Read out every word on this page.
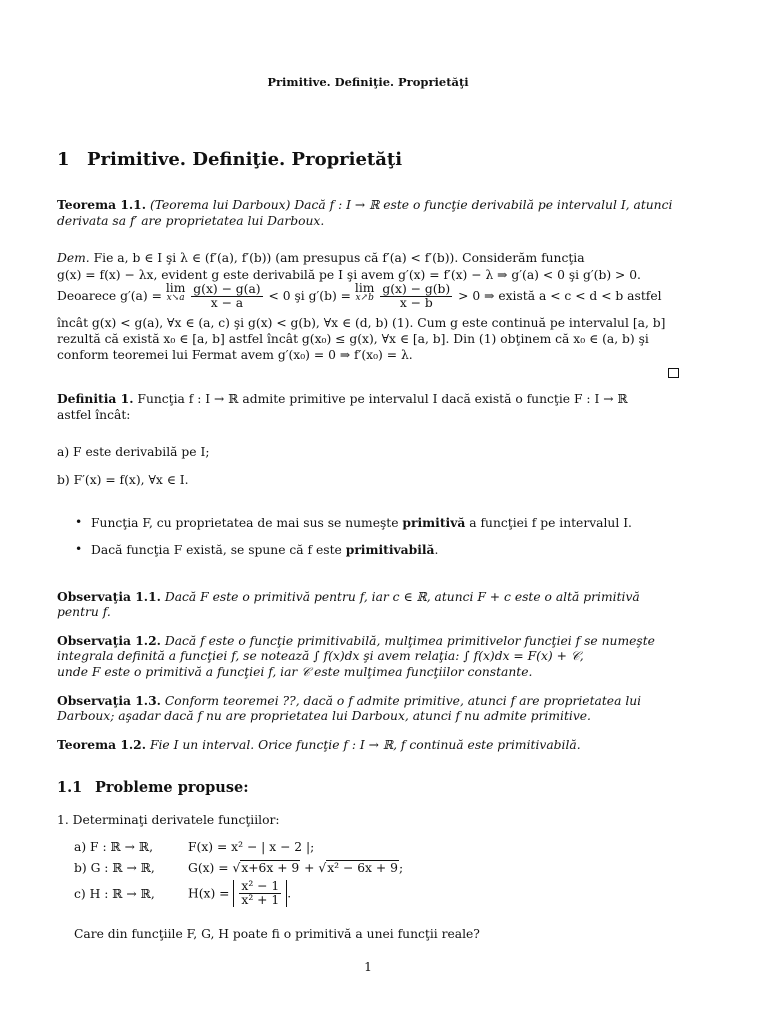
Primitive. Definiţie. Proprietăţi
1 Primitive. Definiţie. Proprietăţi
Teorema 1.1. (Teorema lui Darboux) Dacă f : I → ℝ este o funcţie derivabilă pe intervalul I, atunci
derivata sa f′ are proprietatea lui Darboux.
Dem. Fie a, b ∈ I şi λ ∈ (f′(a), f′(b)) (am presupus că f′(a) < f′(b)). Considerăm funcţia
g(x) = f(x) − λx, evident g este derivabilă pe I şi avem g′(x) = f′(x) − λ ⇒ g′(a) < 0 şi g′(b) > 0.
Deoarece g′(a) = lim
x↘a
$\frac{g(x) - g(a)}{x - a} < 0$ şi g′(b) = lim
x↗b
$\frac{g(x) - g(b)}{x - b} > 0$ ⇒ există a < c < d < b astfel
încât g(x) < g(a), ∀x ∈ (a, c) şi g(x) < g(b), ∀x ∈ (d, b) (1). Cum g este continuă pe intervalul [a, b]
rezultă că există x₀ ∈ [a, b] astfel încât g(x₀) ≤ g(x), ∀x ∈ [a, b]. Din (1) obţinem că x₀ ∈ (a, b) şi
conform teoremei lui Fermat avem g′(x₀) = 0 ⇒ f′(x₀) = λ.
Definitia 1. Funcţia f : I → ℝ admite primitive pe intervalul I dacă există o funcţie F : I → ℝ
astfel încât:
a) F este derivabilă pe I;
b) F′(x) = f(x), ∀x ∈ I.
• Funcţia F, cu proprietatea de mai sus se numeşte primitivă a funcţiei f pe intervalul I.
• Dacă funcţia F există, se spune că f este primitivabilă.
Observaţia 1.1. Dacă F este o primitivă pentru f, iar c ∈ ℝ, atunci F + c este o altă primitivă
pentru f.
Observaţia 1.2. Dacă f este o funcţie primitivabilă, mulţimea primitivelor funcţiei f se numeşte
integrala definită a funcţiei f, se notează ∫ f(x)dx şi avem relaţia: ∫ f(x)dx = F(x) + 𝒞,
unde F este o primitivă a funcţiei f, iar 𝒞 este mulţimea funcţiilor constante.
Observaţia 1.3. Conform teoremei ??, dacă o f admite primitive, atunci f are proprietatea lui
Darboux; aşadar dacă f nu are proprietatea lui Darboux, atunci f nu admite primitive.
Teorema 1.2. Fie I un interval. Orice funcţie f : I → ℝ, f continuă este primitivabilă.
1.1 Probleme propuse:
1. Determinaţi derivatele funcţiilor:
a) F : ℝ → ℝ,	F(x) = x² − | x − 2 |;
b) G : ℝ → ℝ,	G(x) = √x+6x + 9 + √x² − 6x + 9;
c) H : ℝ → ℝ,	$H(x) = \frac{\text{x² − 1}}{\text{x² + 1}}$ .
Care din funcţiile F, G, H poate fi o primitivă a unei funcţii reale?
1
